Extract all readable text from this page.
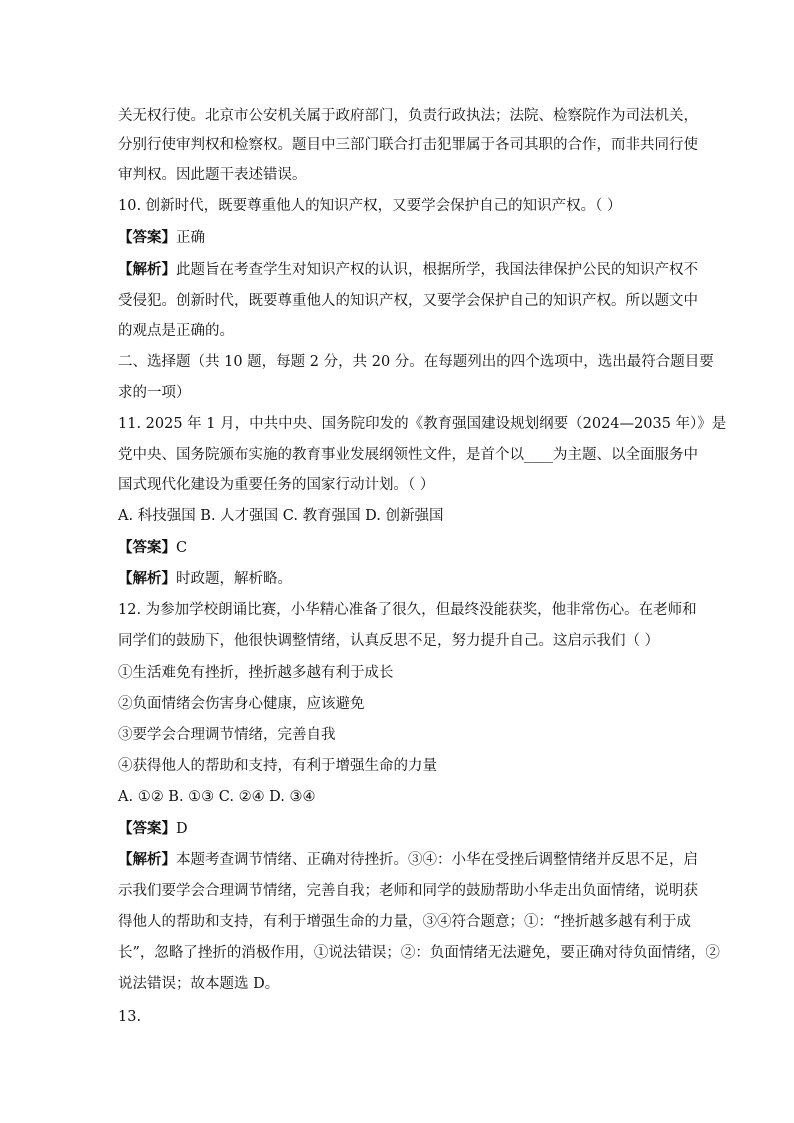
关无权行使。北京市公安机关属于政府部门，负责行政执法；法院、检察院作为司法机关，
分别行使审判权和检察权。题目中三部门联合打击犯罪属于各司其职的合作，而非共同行使
审判权。因此题干表述错误。
10. 创新时代，既要尊重他人的知识产权，又要学会保护自己的知识产权。（ ）
【答案】正确
【解析】此题旨在考查学生对知识产权的认识，根据所学，我国法律保护公民的知识产权不
受侵犯。创新时代，既要尊重他人的知识产权，又要学会保护自己的知识产权。所以题文中
的观点是正确的。
二、选择题（共 10 题，每题 2 分，共 20 分。在每题列出的四个选项中，选出最符合题目要
求的一项）
11. 2025 年 1 月，中共中央、国务院印发的《教育强国建设规划纲要（2024—2035 年）》是
党中央、国务院颁布实施的教育事业发展纲领性文件，是首个以____为主题、以全面服务中
国式现代化建设为重要任务的国家行动计划。（ ）
A. 科技强国 B. 人才强国 C. 教育强国 D. 创新强国
【答案】C
【解析】时政题，解析略。
12. 为参加学校朗诵比赛，小华精心准备了很久，但最终没能获奖，他非常伤心。在老师和
同学们的鼓励下，他很快调整情绪，认真反思不足，努力提升自己。这启示我们（ ）
①生活难免有挫折，挫折越多越有利于成长
②负面情绪会伤害身心健康，应该避免
③要学会合理调节情绪，完善自我
④获得他人的帮助和支持，有利于增强生命的力量
A. ①② B. ①③ C. ②④ D. ③④
【答案】D
【解析】本题考查调节情绪、正确对待挫折。③④：小华在受挫后调整情绪并反思不足，启
示我们要学会合理调节情绪，完善自我；老师和同学的鼓励帮助小华走出负面情绪，说明获
得他人的帮助和支持，有利于增强生命的力量，③④符合题意；①：“挫折越多越有利于成
长”，忽略了挫折的消极作用，①说法错误；②：负面情绪无法避免，要正确对待负面情绪，②
说法错误；故本题选 D。
13.
